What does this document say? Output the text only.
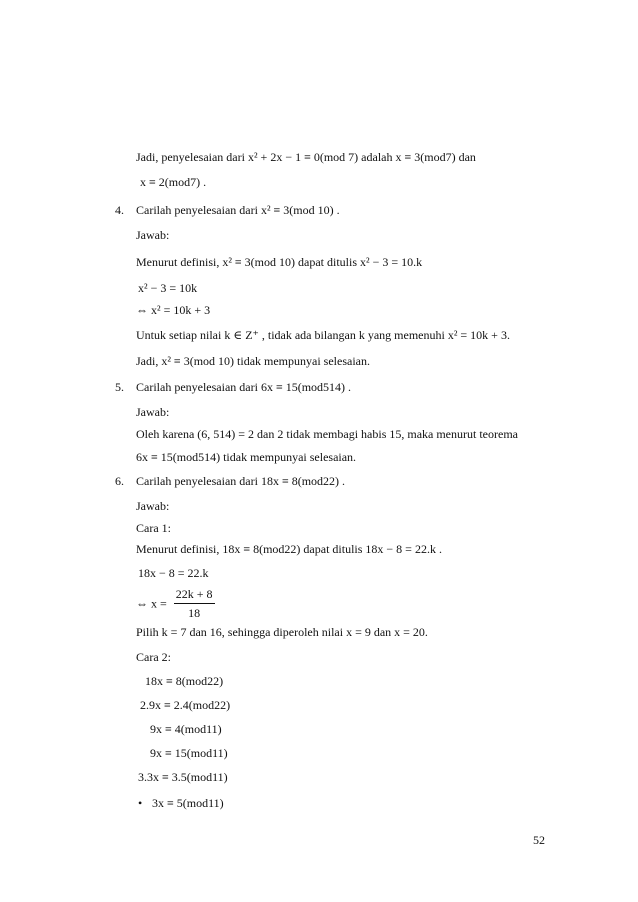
Jadi, penyelesaian dari x² + 2x − 1 ≡ 0(mod 7) adalah x ≡ 3(mod7) dan
x ≡ 2(mod7) .
4. Carilah penyelesaian dari x² ≡ 3(mod 10) .
Jawab:
Menurut definisi, x² ≡ 3(mod 10) dapat ditulis x² − 3 = 10.k
x² − 3 = 10k
⇔ x² = 10k + 3
Untuk setiap nilai k ∈ Z⁺ , tidak ada bilangan k yang memenuhi x² = 10k + 3.
Jadi, x² ≡ 3(mod 10) tidak mempunyai selesaian.
5. Carilah penyelesaian dari 6x ≡ 15(mod514) .
Jawab:
Oleh karena (6, 514) = 2 dan 2 tidak membagi habis 15, maka menurut teorema
6x ≡ 15(mod514) tidak mempunyai selesaian.
6. Carilah penyelesaian dari 18x ≡ 8(mod22) .
Jawab:
Cara 1:
Menurut definisi, 18x ≡ 8(mod22) dapat ditulis 18x − 8 = 22.k .
18x − 8 = 22.k
⇔ $x = \frac{22k + 8}{18}$
Pilih k = 7 dan 16, sehingga diperoleh nilai x = 9 dan x = 20.
Cara 2:
18x ≡ 8(mod22)
2.9x ≡ 2.4(mod22)
9x ≡ 4(mod11)
9x ≡ 15(mod11)
3.3x ≡ 3.5(mod11)
• 3x ≡ 5(mod11)
52
